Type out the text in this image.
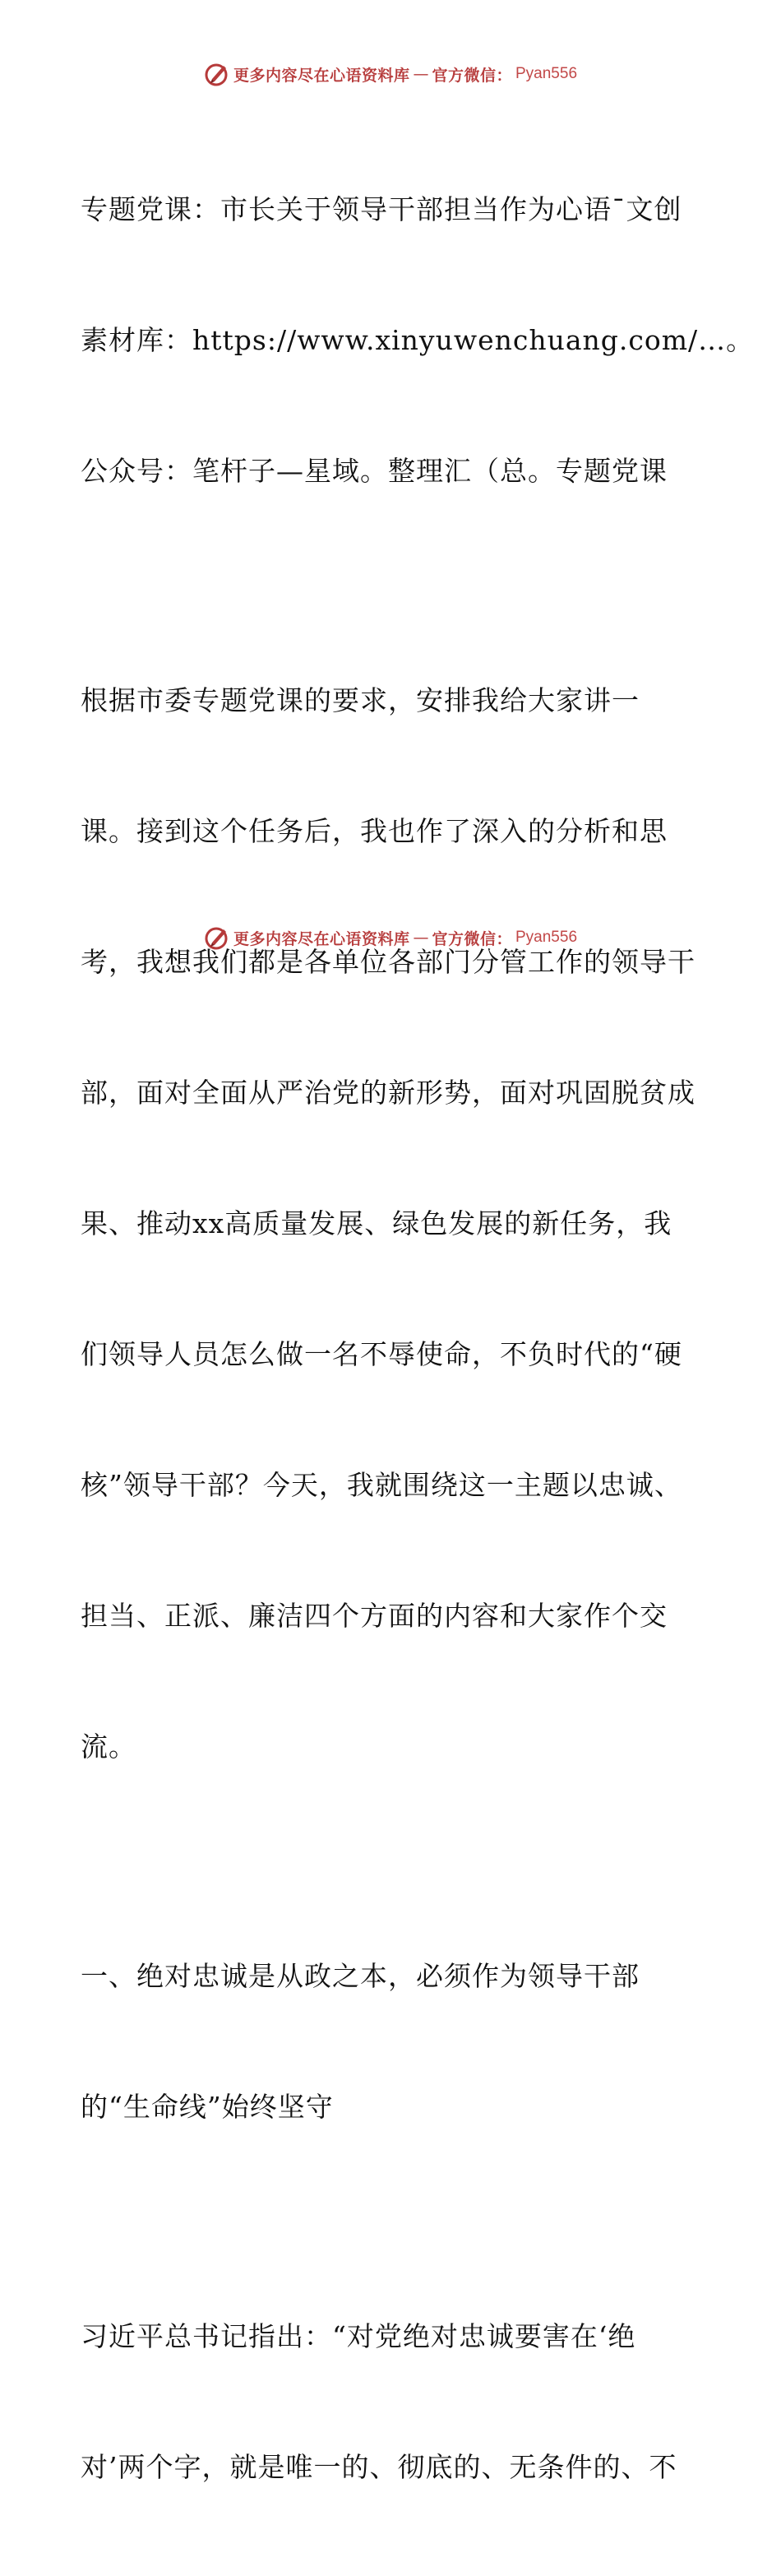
更多内容尽在心语资料库 — 官方微信： Pyan556

专题党课：市长关于领导干部担当作为心语¯文创

素材库：https://www.xinyuwenchuang.com/…。

公众号：笔杆子—星域。整理汇（总。专题党课

根据市委专题党课的要求，安排我给大家讲一

课。接到这个任务后，我也作了深入的分析和思

考，我想我们都是各单位各部门分管工作的领导干

部，面对全面从严治党的新形势，面对巩固脱贫成

果、推动xx高质量发展、绿色发展的新任务，我

们领导人员怎么做一名不辱使命，不负时代的“硬

核”领导干部？今天，我就围绕这一主题以忠诚、

担当、正派、廉洁四个方面的内容和大家作个交

流。

一、绝对忠诚是从政之本，必须作为领导干部

的“生命线”始终坚守

习近平总书记指出：“对党绝对忠诚要害在‘绝

对’两个字，就是唯一的、彻底的、无条件的、不

更多内容尽在心语资料库 — 官方微信： Pyan556
